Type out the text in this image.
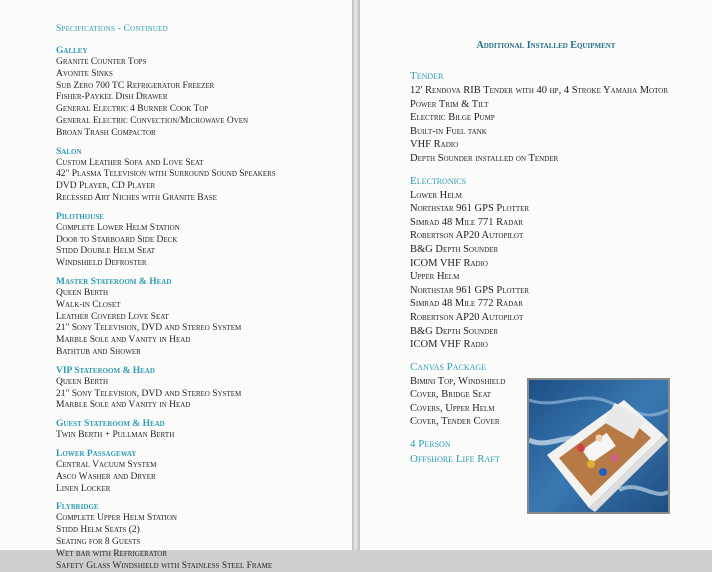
Specifications - Continued
Galley
Granite Counter Tops
Avonite Sinks
Sub Zero 700 TC Refrigerator Freezer
Fisher-Paykel Dish Drawer
General Electric 4 Burner Cook Top
General Electric Convection/Microwave Oven
Broan Trash Compactor
Salon
Custom Leather Sofa and Love Seat
42" Plasma Television with Surround Sound Speakers
DVD Player, CD Player
Recessed Art Niches with Granite Base
Pilothouse
Complete Lower Helm Station
Door to Starboard Side Deck
Stidd Double Helm Seat
Windshield Defroster
Master Stateroom & Head
Queen Berth
Walk-in Closet
Leather Covered Love Seat
21" Sony Television, DVD and Stereo System
Marble Sole and Vanity in Head
Bathtub and Shower
VIP Stateroom & Head
Queen Berth
21" Sony Television, DVD and Stereo System
Marble Sole and Vanity in Head
Guest Stateroom & Head
Twin Berth + Pullman Berth
Lower Passageway
Central Vacuum System
Asco Washer and Dryer
Linen Locker
Flybridge
Complete Upper Helm Station
Stidd Helm Seats (2)
Seating for 8 Guests
Wet bar with Refrigerator
Safety Glass Windshield with Stainless Steel Frame
Additional Installed Equipment
Tender
12' Rendova RIB Tender with 40 hp, 4 Stroke Yamaha Motor
Power Trim & Tilt
Electric Bilge Pump
Built-in Fuel tank
VHF Radio
Depth Sounder installed on Tender
Electronics
Lower Helm
Northstar 961 GPS Plotter
Simrad 48 Mile 771 Radar
Robertson AP20 Autopilot
B&G Depth Sounder
ICOM VHF Radio
Upper Helm
Northstar 961 GPS Plotter
Simrad 48 Mile 772 Radar
Robertson AP20 Autopilot
B&G Depth Sounder
ICOM VHF Radio
Canvas Package
Bimini Top, Windshield
Cover, Bridge Seat
Covers, Upper Helm
Cover, Tender Cover
4 Person
Offshore Life Raft
